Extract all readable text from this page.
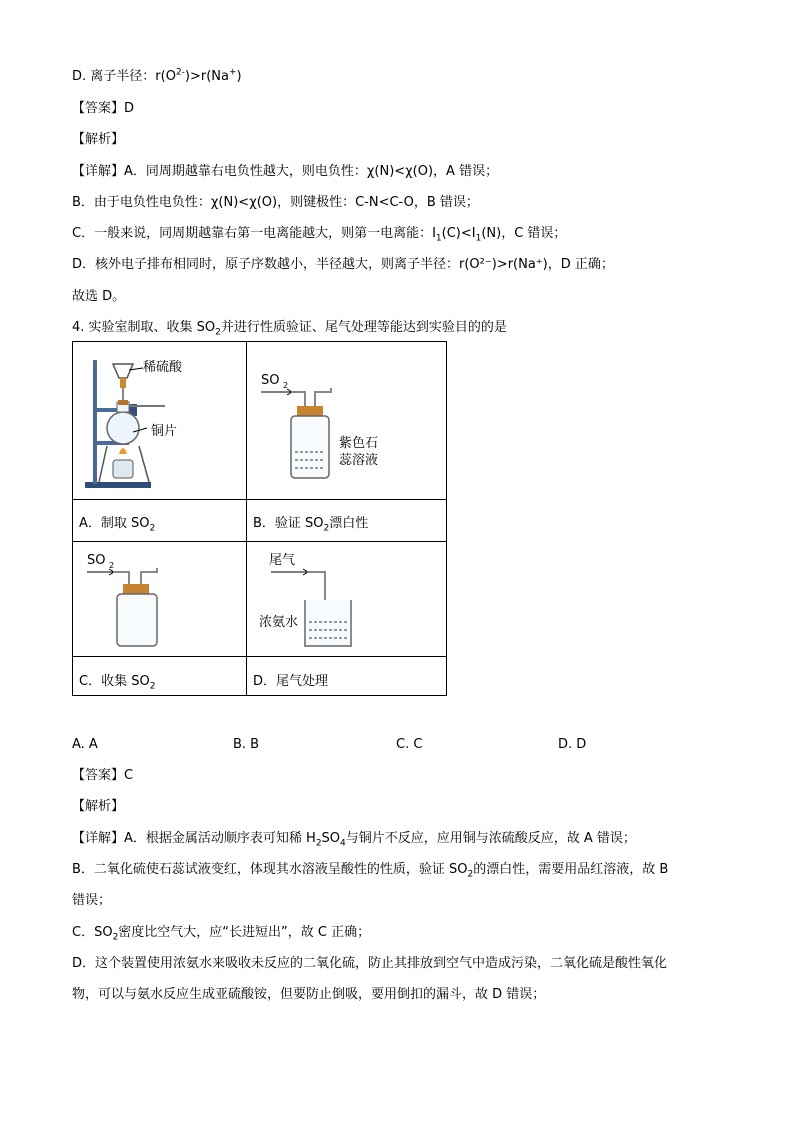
D. 离子半径：$r(O^{2-})>r(Na^+)$
【答案】D
【解析】
【详解】A．同周期越靠右电负性越大，则电负性：χ(N)<χ(O)，A 错误；
B．由于电负性电负性：χ(N)<χ(O)，则键极性：C-N<C-O，B 错误；
C．一般来说，同周期越靠右第一电离能越大，则第一电离能：$I_1(C)<I_1(N)$，C 错误；
D．核外电子排布相同时，原子序数越小，半径越大，则离子半径：r(O²⁻)>r(Na⁺)，D 正确；
故选 D。
4. 实验室制取、收集 $SO_2$并进行性质验证、尾气处理等能达到实验目的的是
稀硫酸
铜片
SO 2
紫色石
蕊溶液
A．制取 $SO_2$	B．验证 $SO_2$漂白性
SO 2	尾气
浓氨水
C．收集 $SO_2$	D．尾气处理
A. A	B. B	C. C	D. D
【答案】C
【解析】
【详解】A．根据金属活动顺序表可知稀 $H_2SO_4$与铜片不反应，应用铜与浓硫酸反应，故 A 错误；
B．二氧化硫使石蕊试液变红，体现其水溶液呈酸性的性质，验证 $SO_2$的漂白性，需要用品红溶液，故 B
错误；
C．$SO_2$密度比空气大，应“长进短出”，故 C 正确；
D．这个装置使用浓氨水来吸收未反应的二氧化硫，防止其排放到空气中造成污染，二氧化硫是酸性氧化
物，可以与氨水反应生成亚硫酸铵，但要防止倒吸，要用倒扣的漏斗，故 D 错误；
